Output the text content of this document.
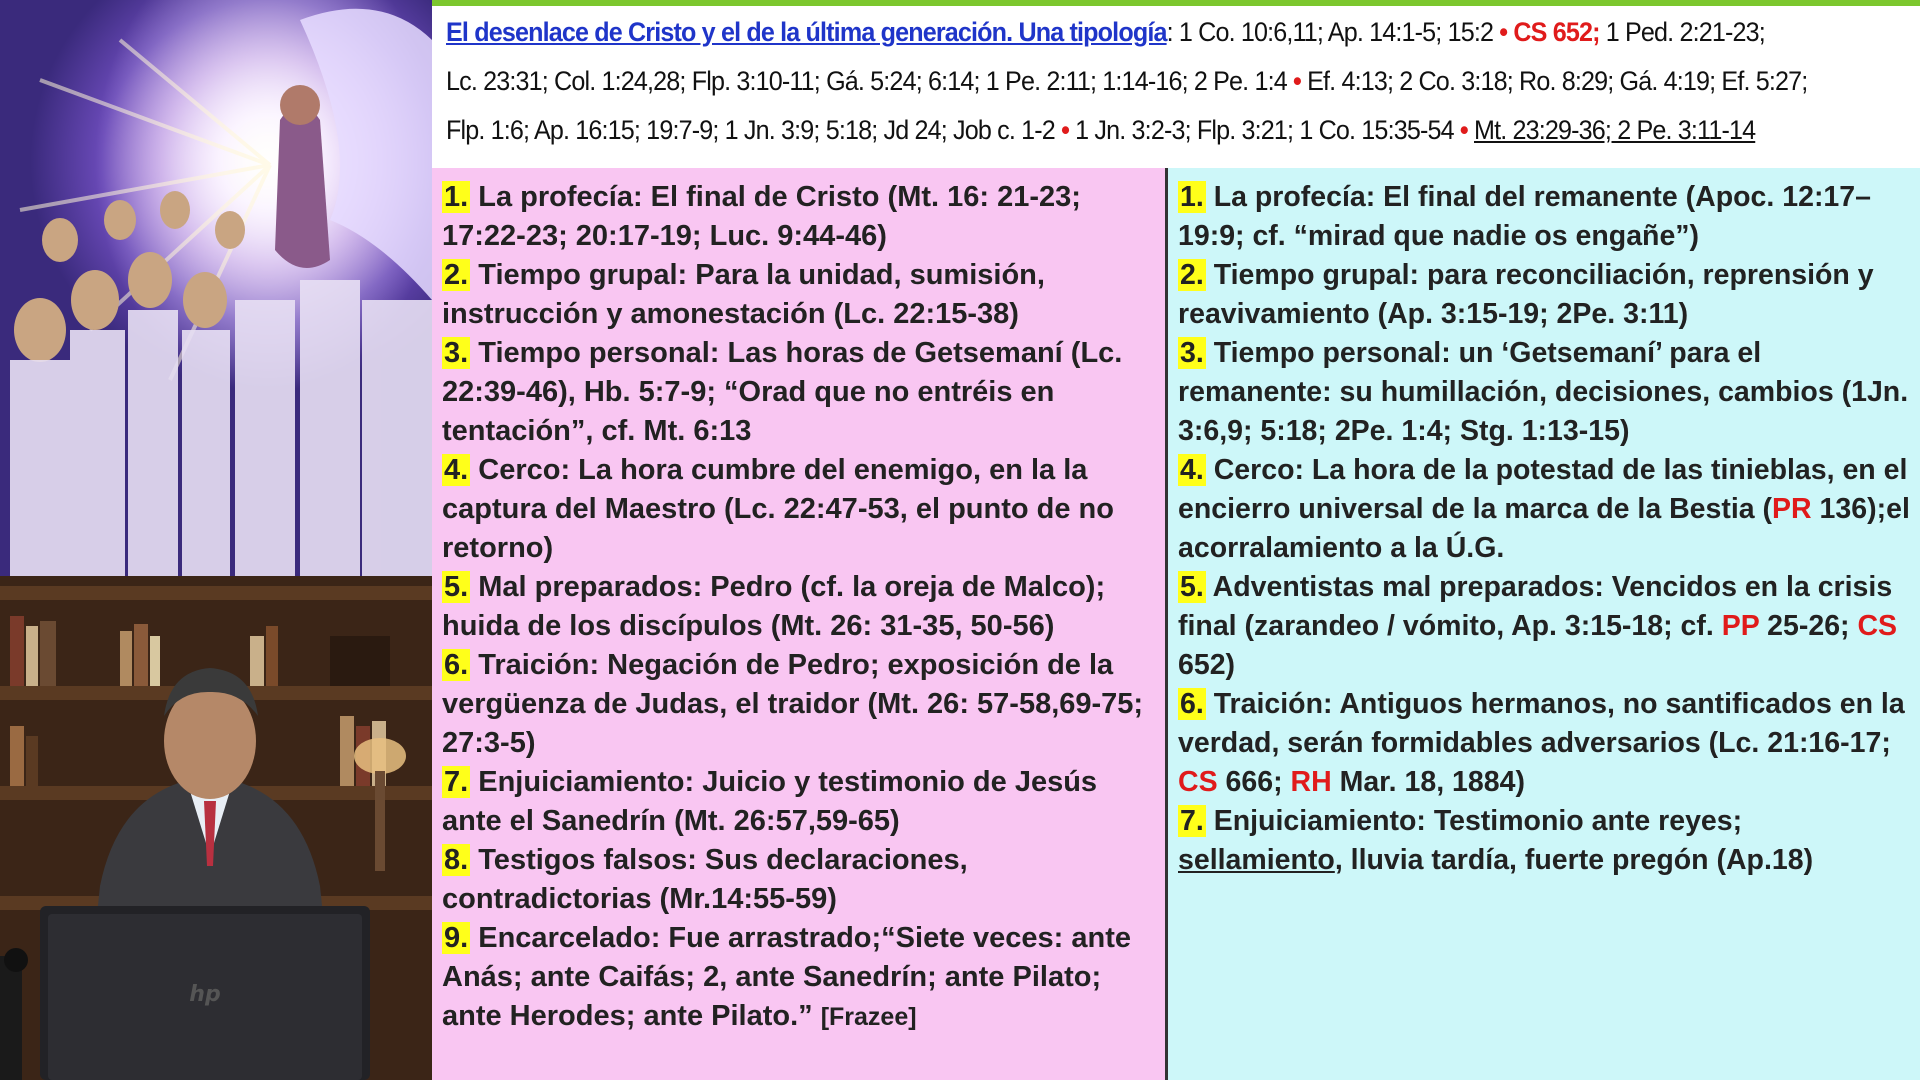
hp
El desenlace de Cristo y el de la última generación. Una tipología: 1 Co. 10:6,11; Ap. 14:1-5; 15:2 • CS 652; 1 Ped. 2:21-23;
Lc. 23:31; Col. 1:24,28; Flp. 3:10-11; Gá. 5:24; 6:14; 1 Pe. 2:11; 1:14-16; 2 Pe. 1:4 • Ef. 4:13; 2 Co. 3:18; Ro. 8:29; Gá. 4:19; Ef. 5:27;
Flp. 1:6; Ap. 16:15; 19:7-9; 1 Jn. 3:9; 5:18; Jd 24; Job c. 1-2 • 1 Jn. 3:2-3; Flp. 3:21; 1 Co. 15:35-54 • Mt. 23:29-36; 2 Pe. 3:11-14
1. La profecía: El final de Cristo (Mt. 16: 21-23; 17:22-23; 20:17-19; Luc. 9:44-46)
2. Tiempo grupal: Para la unidad, sumisión, instrucción y amonestación (Lc. 22:15-38)
3. Tiempo personal: Las horas de Getsemaní (Lc. 22:39-46), Hb. 5:7-9; “Orad que no entréis en tentación”, cf. Mt. 6:13
4. Cerco: La hora cumbre del enemigo, en la la captura del Maestro (Lc. 22:47-53, el punto de no retorno)
5. Mal preparados: Pedro (cf. la oreja de Malco); huida de los discípulos (Mt. 26: 31-35, 50-56)
6. Traición: Negación de Pedro; exposición de la vergüenza de Judas, el traidor (Mt. 26: 57-58,69-75; 27:3-5)
7. Enjuiciamiento: Juicio y testimonio de Jesús ante el Sanedrín (Mt. 26:57,59-65)
8. Testigos falsos: Sus declaraciones, contradictorias (Mr.14:55-59)
9. Encarcelado: Fue arrastrado;“Siete veces: ante Anás; ante Caifás; 2, ante Sanedrín; ante Pilato; ante Herodes; ante Pilato.” [Frazee]
1. La profecía: El final del remanente (Apoc. 12:17–19:9; cf. “mirad que nadie os engañe”)
2. Tiempo grupal: para reconciliación, reprensión y reavivamiento (Ap. 3:15-19; 2Pe. 3:11)
3. Tiempo personal: un ‘Getsemaní’ para el remanente: su humillación, decisiones, cambios (1Jn. 3:6,9; 5:18; 2Pe. 1:4; Stg. 1:13-15)
4. Cerco: La hora de la potestad de las tinieblas, en el encierro universal de la marca de la Bestia (PR 136);el acorralamiento a la Ú.G.
5. Adventistas mal preparados: Vencidos en la crisis final (zarandeo / vómito, Ap. 3:15-18; cf. PP 25-26; CS 652)
6. Traición: Antiguos hermanos, no santificados en la verdad, serán formidables adversarios (Lc. 21:16-17; CS 666; RH Mar. 18, 1884)
7. Enjuiciamiento: Testimonio ante reyes; sellamiento, lluvia tardía, fuerte pregón (Ap.18)
